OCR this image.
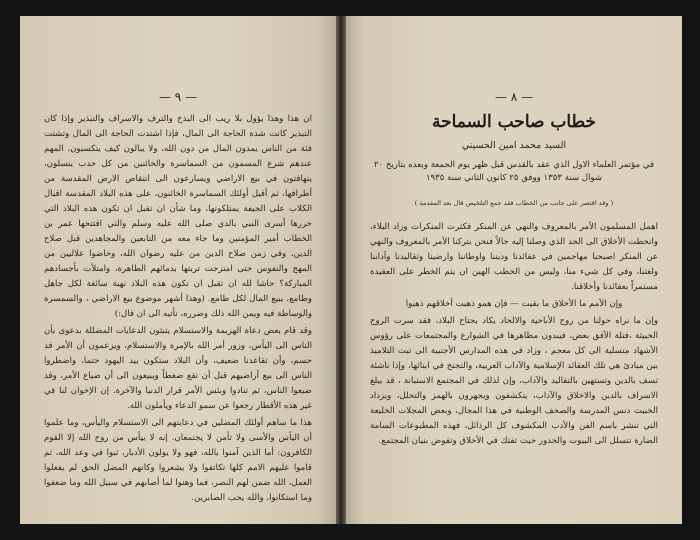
— ٩ —

ان هذا وهذا يؤول بلا ريب الى البذخ والترف والاسراف والتبذير وإذا كان التبذير كانت شدة الحاجة الى المال، فإذا اشتدت الحاجة الى المال وتشتت فئة من الناس يمدون المال من دون الله، ولا يبالون كيف يتكسبون. المهم عندهم شرع المسمون من السماسرة والخائنين من كل حدب ينسلون، يتهافتون في بيع الاراضي ويسارعون الى انتقاص الارض المقدسة من أطرافها، ثم أقبل أولئك السماسرة الخائنون، على هذه البلاد المقدسة اقبال الكلاب على الجيفة يمتلكونها، وما شأن ان تقبل ان تكون هذه البلاد التي حررها أسرى النبي بالذي صلى الله عليه وسلم والتي افتتحها عمر بن الخطاب أمير المؤمنين وما جاء معه من التابعين والمجاهدين قبل صلاح الدين، وفي زمن صلاح الدين من عليه رضوان الله، وخاضوا علاليين من المهج والنفوس حتى امتزجت تربتها بدمائهم الطاهرة، وامتلأت بأجسادهم المباركة؟ حاشا لله ان تقبل ان تكون هذه البلاد نهبة سائغة لكل جاهل وطامع، يبيع المال لكل طامع. (وهذا أشهر موضوع بيع الاراضي ، والسمسرة والوساطة فيه ويمن الله ذلك وضرره، تأتيه الى ان قال:)

وقد قام بعض دعاة الهزيمة والاستسلام يتبثون الدعايات المضللة بدعوى بأن الناس الى اليأس، وزور أمر الله بالإمرة والاستسلام، ويزعمون أن الأمر قد حسم، وأن تقاعدنا ضعيف، وأن البلاد ستكون بيد اليهود حتما، واضطروا الناس الى بيع أراضيهم قبل أن تقع ضغطاً ويبيعون الى أن ضياع الأمر، وقد ضيعوا الناس، ثم تنادوا وبئس الأمر قرار الدنيا والآخرة. إن الإخوان لنا في غير هذه الأقطار رجعوا عن سمو الدعاء ويأملون الله.

هذا ما ساهم أولئك المضلين في دعايتهم الى الاستسلام واليأس، وما علموا أن اليأس والأسى ولا تأمن لا يجتمعان. إنه لا ييأس من روح الله إلا القوم الكافرون: أما الذين آمنوا بالله، فهو ولا يولون الأدبار، ثبوا في وعد الله، ثم قاموا عليهم الامم كلها تكاتفوا ولا يشعروا وكانهم المضل الحق لم يفعلوا العمل، الله ضمن لهم النصر، فما وهنوا لما أصابهم في سبيل الله وما ضعفوا وما استكانوا، والله يحب الصابرين.

— ٨ —
خطاب صاحب السماحة
السيد محمد امين الحسيني
في مؤتمر العلماء الاول الذي عقد بالقدس قبل ظهر يوم الجمعة وبعده بتاريخ ٢٠ شوال سنة ١٣٥٣ ووفق ٢٥ كانون الثاني سنة ١٩٣٥
( وقد اقتصر على جانب من الخطاب فقد جمع التلخيص قال بعد المقدمة )

اهمل المسلمون الأمر بالمعروف والنهي عن المنكر فكثرت المنكرات وزاد البلاء، وانحطت الأخلاق الى الحد الذي وصلنا إليه حالاً فنحن بتركنا الأمر بالمعروف والنهي عن المنكر اصبحنا مهاجمين في عقائدنا وديننا واوطاننا وارضينا وتقاليدنا وآدابنا ولغتنا، وفي كل شيء منا، وليس من الخطب الهين ان يتم الخطر على العقيدة مستمراً بعقائدنا وأخلاقنا.

وإن الأمم ما الأخلاق ما بقيت — فإن همو ذهبت أخلاقهم ذهبوا

وإن ما نراه حولنا من روح الأباحية والالحاد يكاد يجتاح البلاد، فقد سرت الروح الخبيثة ،فتلة الأفق بعض، فيبدون مظاهرها في الشوارع والمجتمعات على رؤوس الأشهاد متسلية الى كل معجم ، وزاد في هذه المدارس الأجنبية الى تبث التلاميذ بين مبادئ هي تلك العقائد الإسلامية والآداب العربية، والتجنح في ابنائها، وإذا ناشئة تسف بالدين وتستهين بالتقاليد والآداب، وإن لذلك في المجتمع الاستبانة ، قد يبلغ الاسراف بالدين والاخلاق والآداب، يتكشفون ويجهرون بالهمز والتحلل، ويزداد الخبيث دنس المدرسة والصحف الوطنية في هذا المجال، وبعض المجلات الخليعة التي تنشر باسم الفن والأدب المكشوف كل الرذائل، فهذه المطبوعات السامة الضارة تتسلل الى البيوت والخدور حيث تفتك في الأخلاق وتقوض بنيان المجتمع.
